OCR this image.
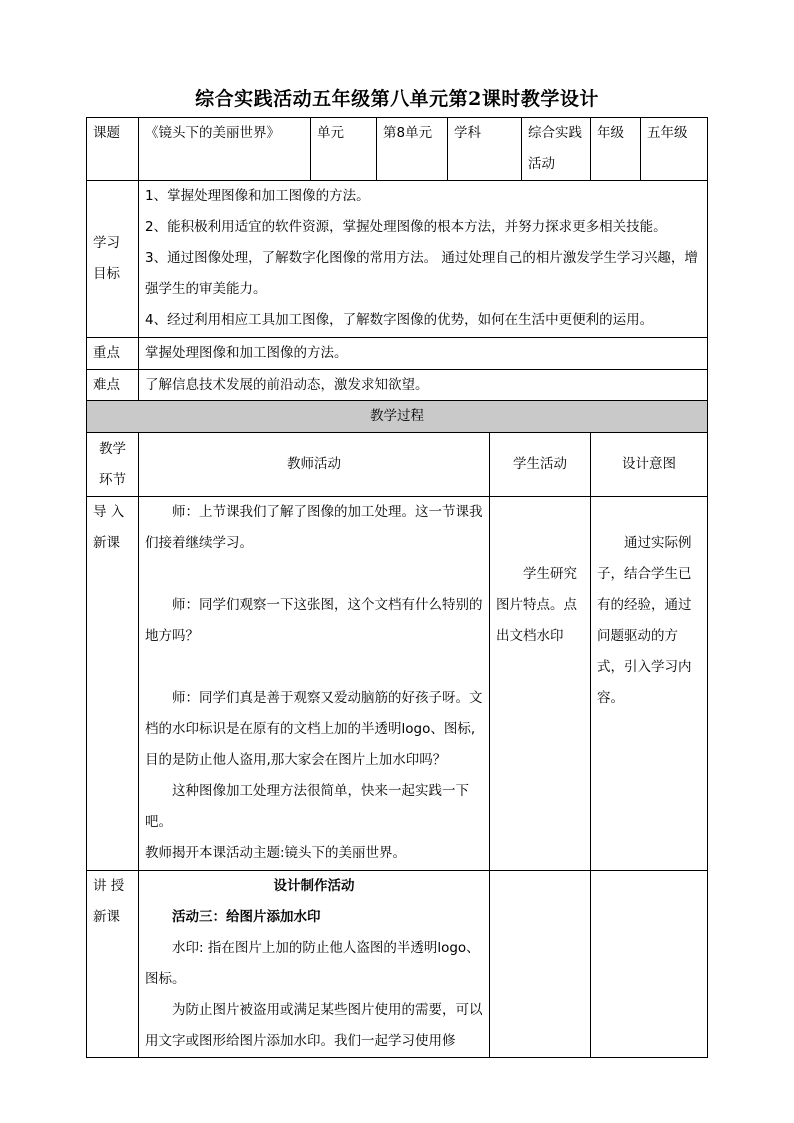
综合实践活动五年级第八单元第2课时教学设计
课题	《镜头下的美丽世界》	单元	第8单元	学科	综合实践活动	年级	五年级
学习目标	1、掌握处理图像和加工图像的方法。

2、能积极利用适宜的软件资源，掌握处理图像的根本方法，并努力探求更多相关技能。

3、通过图像处理，了解数字化图像的常用方法。 通过处理自己的相片激发学生学习兴趣，增强学生的审美能力。

4、经过利用相应工具加工图像，了解数字图像的优势，如何在生活中更便利的运用。						

重点	掌握处理图像和加工图像的方法。						
难点	了解信息技术发展的前沿动态，激发求知欲望。						
教学过程			
教学环节	教师活动	学生活动	设计意图
导 入新课	师：上节课我们了解了图像的加工处理。这一节课我们接着继续学习。

师：同学们观察一下这张图，这个文档有什么特别的地方吗？

师：同学们真是善于观察又爱动脑筋的好孩子呀。文档的水印标识是在原有的文档上加的半透明logo、图标,目的是防止他人盗用,那大家会在图片上加水印吗？

这种图像加工处理方法很简单，快来一起实践一下吧。

教师揭开本课活动主题:镜头下的美丽世界。	学生研究图片特点。点出文档水印	通过实际例子，结合学生已有的经验，通过问题驱动的方式，引入学习内容。

讲 授新课	设计制作活动

活动三：给图片添加水印

水印: 指在图片上加的防止他人盗图的半透明logo、图标。

为防止图片被盗用或满足某些图片使用的需要，可以用文字或图形给图片添加水印。我们一起学习使用修		
